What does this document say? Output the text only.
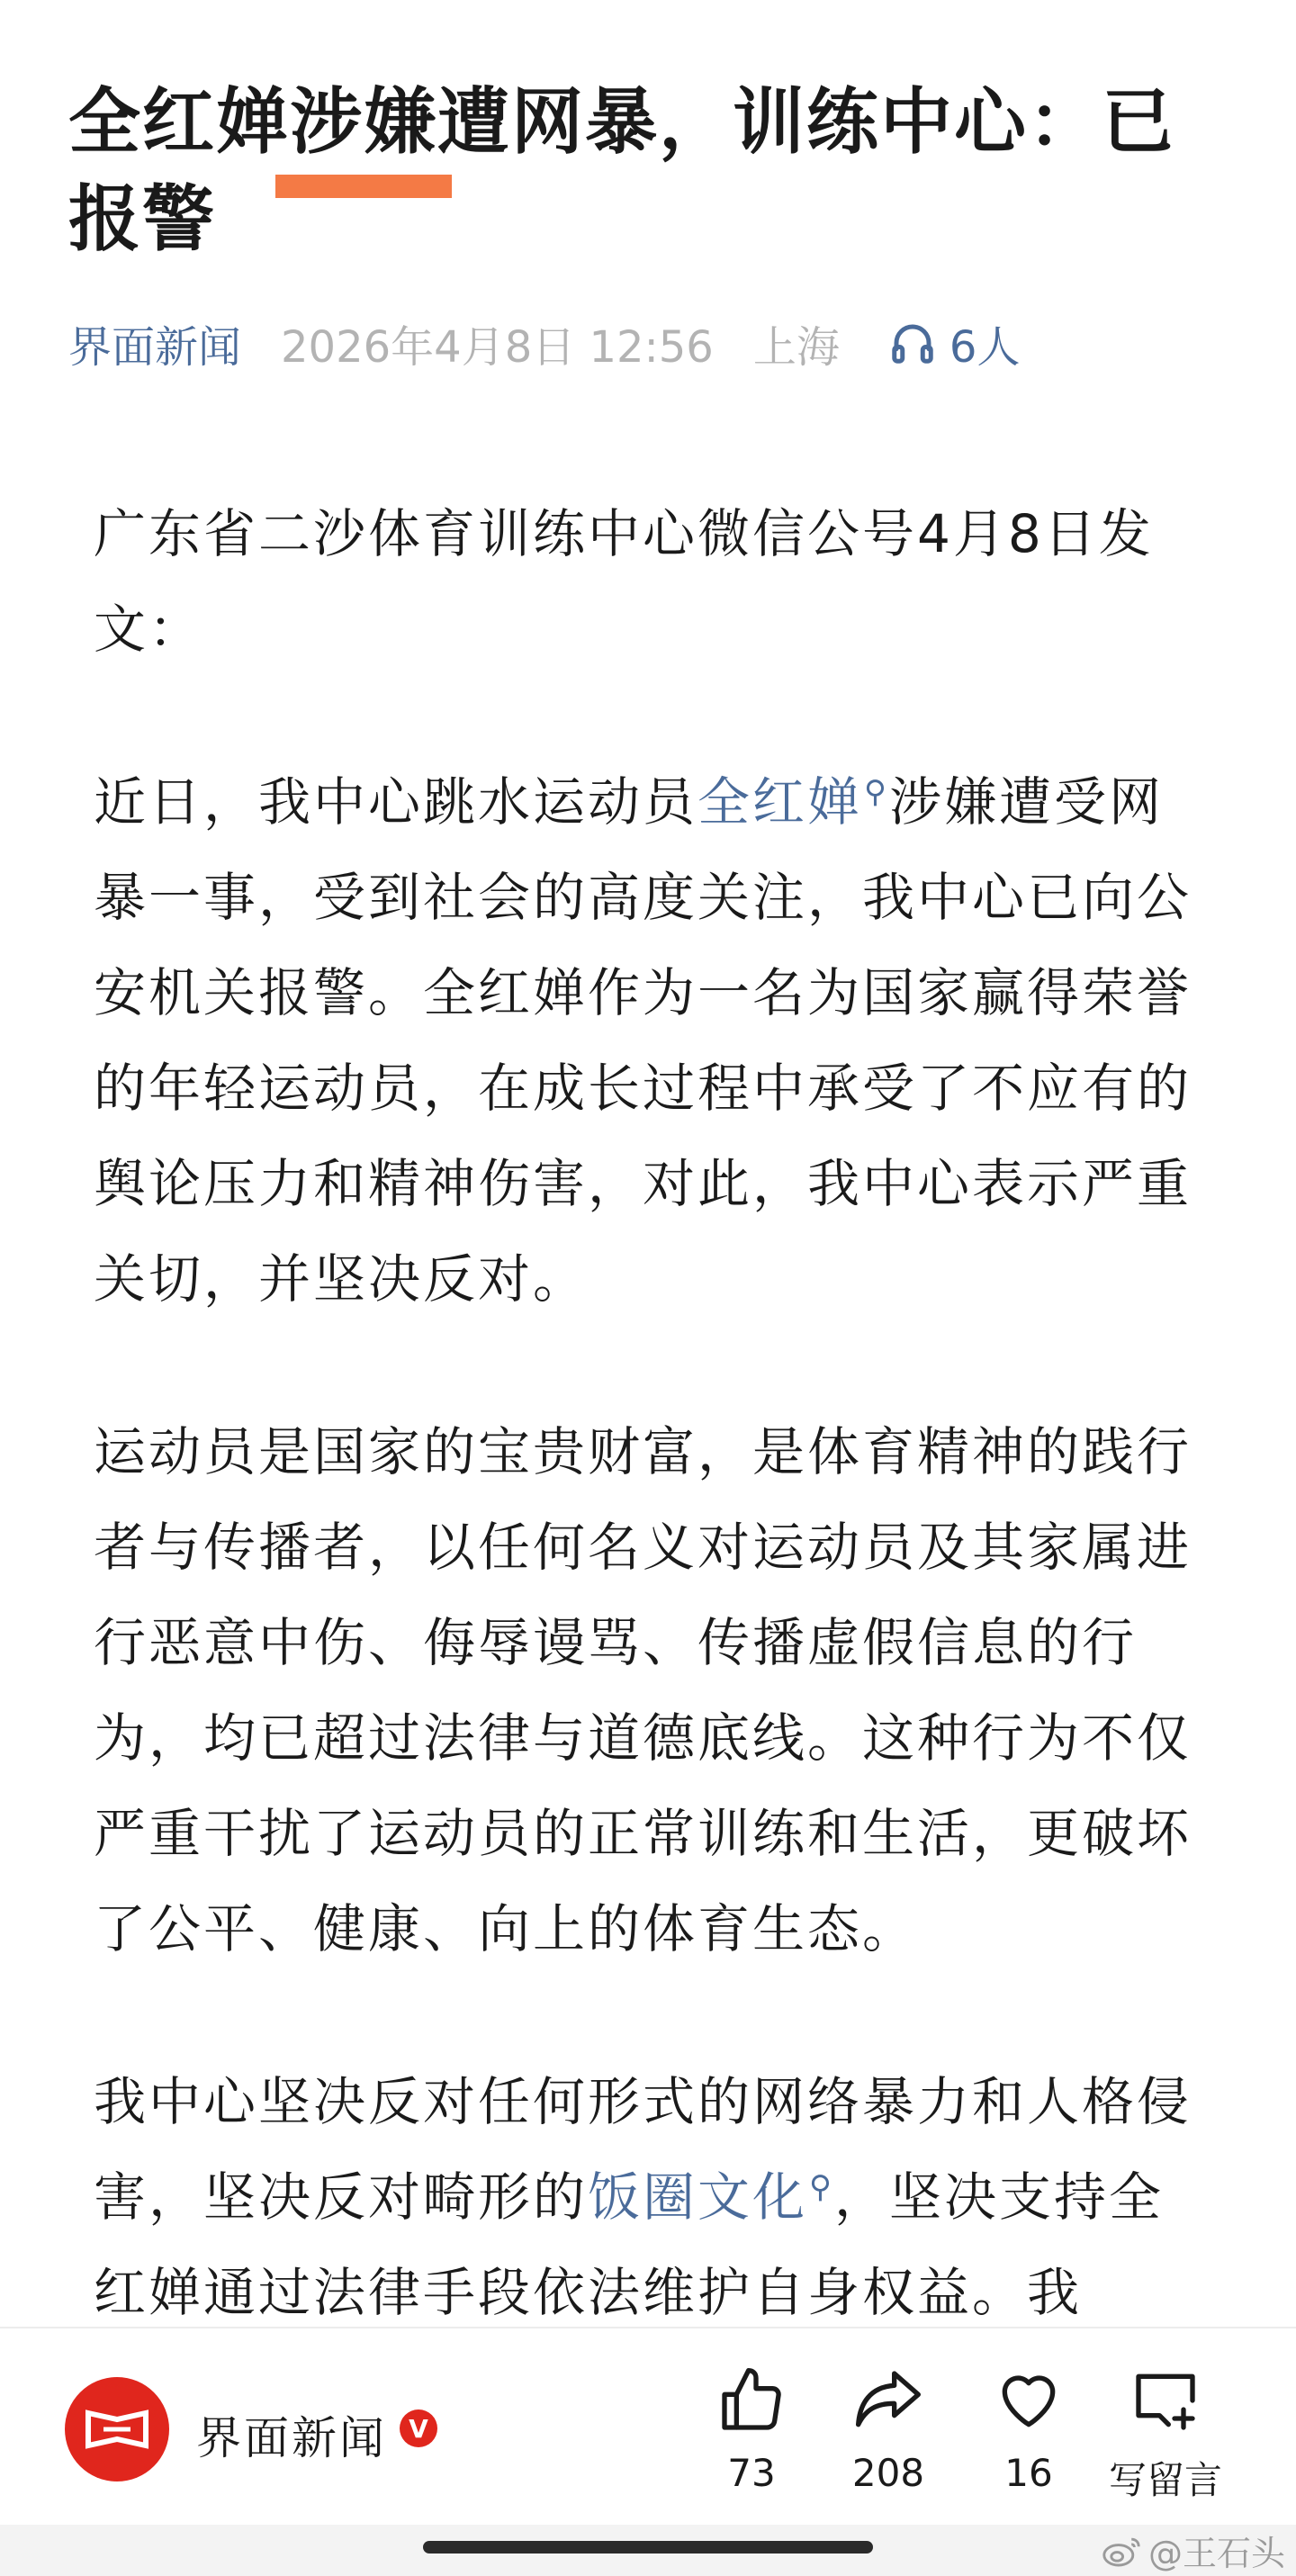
全红婵涉嫌遭网暴，训练中心：已报警
界面新闻 2026年4月8日 12:56 上海	6人

广东省二沙体育训练中心微信公号4月8日发文：

近日，我中心跳水运动员全红婵⚲涉嫌遭受网暴一事，受到社会的高度关注，我中心已向公安机关报警。全红婵作为一名为国家赢得荣誉的年轻运动员，在成长过程中承受了不应有的舆论压力和精神伤害，对此，我中心表示严重关切，并坚决反对。

运动员是国家的宝贵财富，是体育精神的践行者与传播者，以任何名义对运动员及其家属进行恶意中伤、侮辱谩骂、传播虚假信息的行为，均已超过法律与道德底线。这种行为不仅严重干扰了运动员的正常训练和生活，更破坏了公平、健康、向上的体育生态。

我中心坚决反对任何形式的网络暴力和人格侵害，坚决反对畸形的饭圈文化⚲，坚决支持全红婵通过法律手段依法维护自身权益。我

界面新闻 V
73 208 16 写留言
@王石头
